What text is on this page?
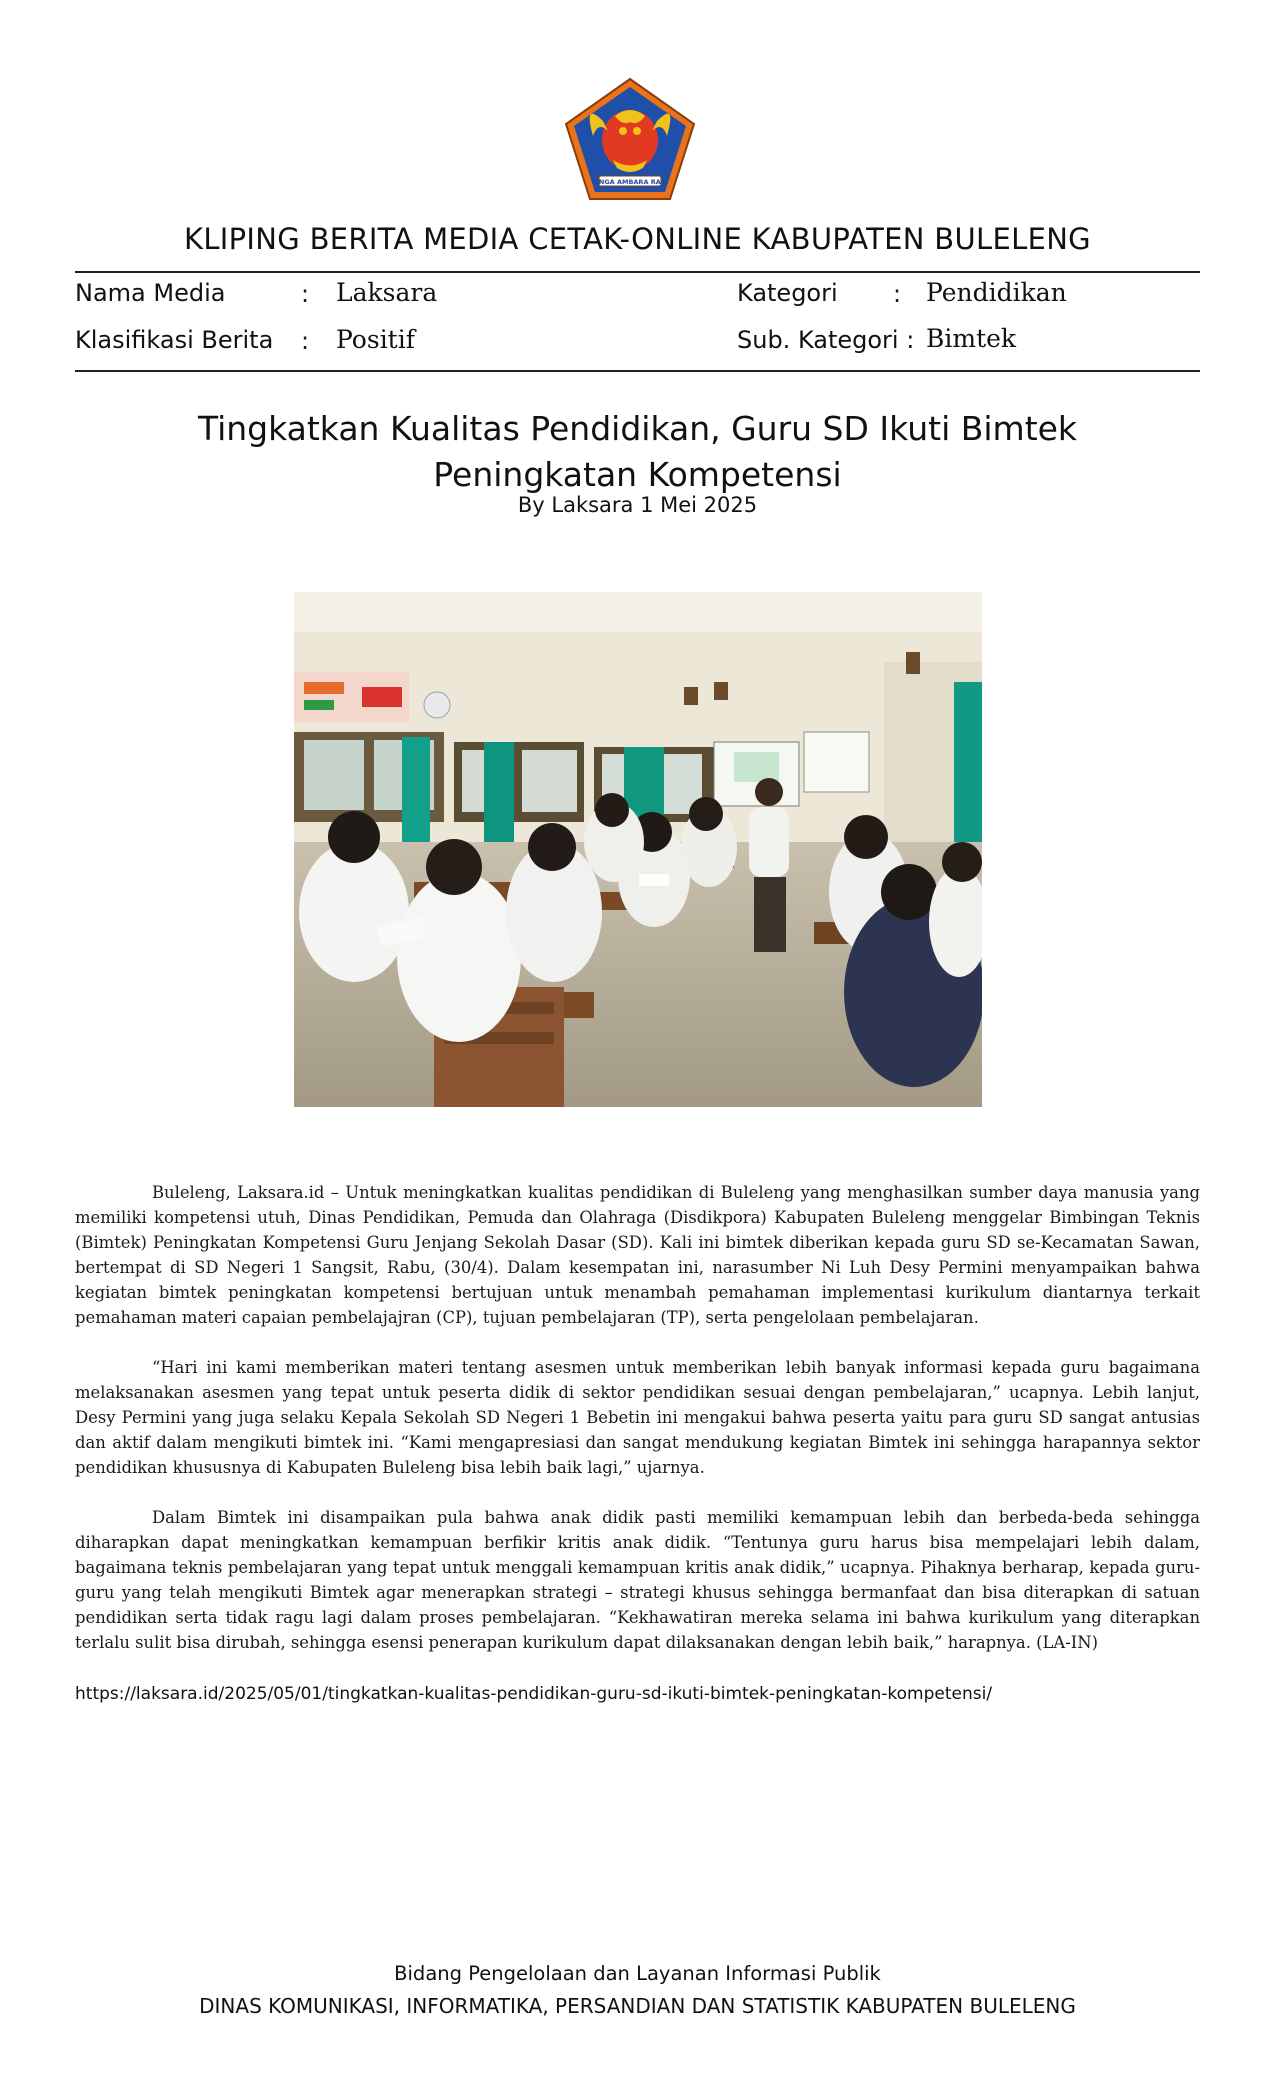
SINGA AMBARA RAJA
KLIPING BERITA MEDIA CETAK-ONLINE KABUPATEN BULELENG
Nama Media	: Laksara	Kategori : Pendidikan
Klasifikasi Berita : Positif	Sub. Kategori : Bimtek
Tingkatkan Kualitas Pendidikan, Guru SD Ikuti Bimtek
Peningkatan Kompetensi
By Laksara 1 Mei 2025

Buleleng, Laksara.id – Untuk meningkatkan kualitas pendidikan di Buleleng yang menghasilkan sumber daya manusia yang memiliki kompetensi utuh, Dinas Pendidikan, Pemuda dan Olahraga (Disdikpora) Kabupaten Buleleng menggelar Bimbingan Teknis (Bimtek) Peningkatan Kompetensi Guru Jenjang Sekolah Dasar (SD). Kali ini bimtek diberikan kepada guru SD se-Kecamatan Sawan, bertempat di SD Negeri 1 Sangsit, Rabu, (30/4). Dalam kesempatan ini, narasumber Ni Luh Desy Permini menyampaikan bahwa kegiatan bimtek peningkatan kompetensi bertujuan untuk menambah pemahaman implementasi kurikulum diantarnya terkait pemahaman materi capaian pembelajajran (CP), tujuan pembelajaran (TP), serta pengelolaan pembelajaran.

“Hari ini kami memberikan materi tentang asesmen untuk memberikan lebih banyak informasi kepada guru bagaimana melaksanakan asesmen yang tepat untuk peserta didik di sektor pendidikan sesuai dengan pembelajaran,” ucapnya. Lebih lanjut, Desy Permini yang juga selaku Kepala Sekolah SD Negeri 1 Bebetin ini mengakui bahwa peserta yaitu para guru SD sangat antusias dan aktif dalam mengikuti bimtek ini. “Kami mengapresiasi dan sangat mendukung kegiatan Bimtek ini sehingga harapannya sektor pendidikan khususnya di Kabupaten Buleleng bisa lebih baik lagi,” ujarnya.

Dalam Bimtek ini disampaikan pula bahwa anak didik pasti memiliki kemampuan lebih dan berbeda-beda sehingga diharapkan dapat meningkatkan kemampuan berfikir kritis anak didik. “Tentunya guru harus bisa mempelajari lebih dalam, bagaimana teknis pembelajaran yang tepat untuk menggali kemampuan kritis anak didik,” ucapnya. Pihaknya berharap, kepada guru-guru yang telah mengikuti Bimtek agar menerapkan strategi – strategi khusus sehingga bermanfaat dan bisa diterapkan di satuan pendidikan serta tidak ragu lagi dalam proses pembelajaran. “Kekhawatiran mereka selama ini bahwa kurikulum yang diterapkan terlalu sulit bisa dirubah, sehingga esensi penerapan kurikulum dapat dilaksanakan dengan lebih baik,” harapnya. (LA-IN)

https://laksara.id/2025/05/01/tingkatkan-kualitas-pendidikan-guru-sd-ikuti-bimtek-peningkatan-kompetensi/
Bidang Pengelolaan dan Layanan Informasi Publik
DINAS KOMUNIKASI, INFORMATIKA, PERSANDIAN DAN STATISTIK KABUPATEN BULELENG
